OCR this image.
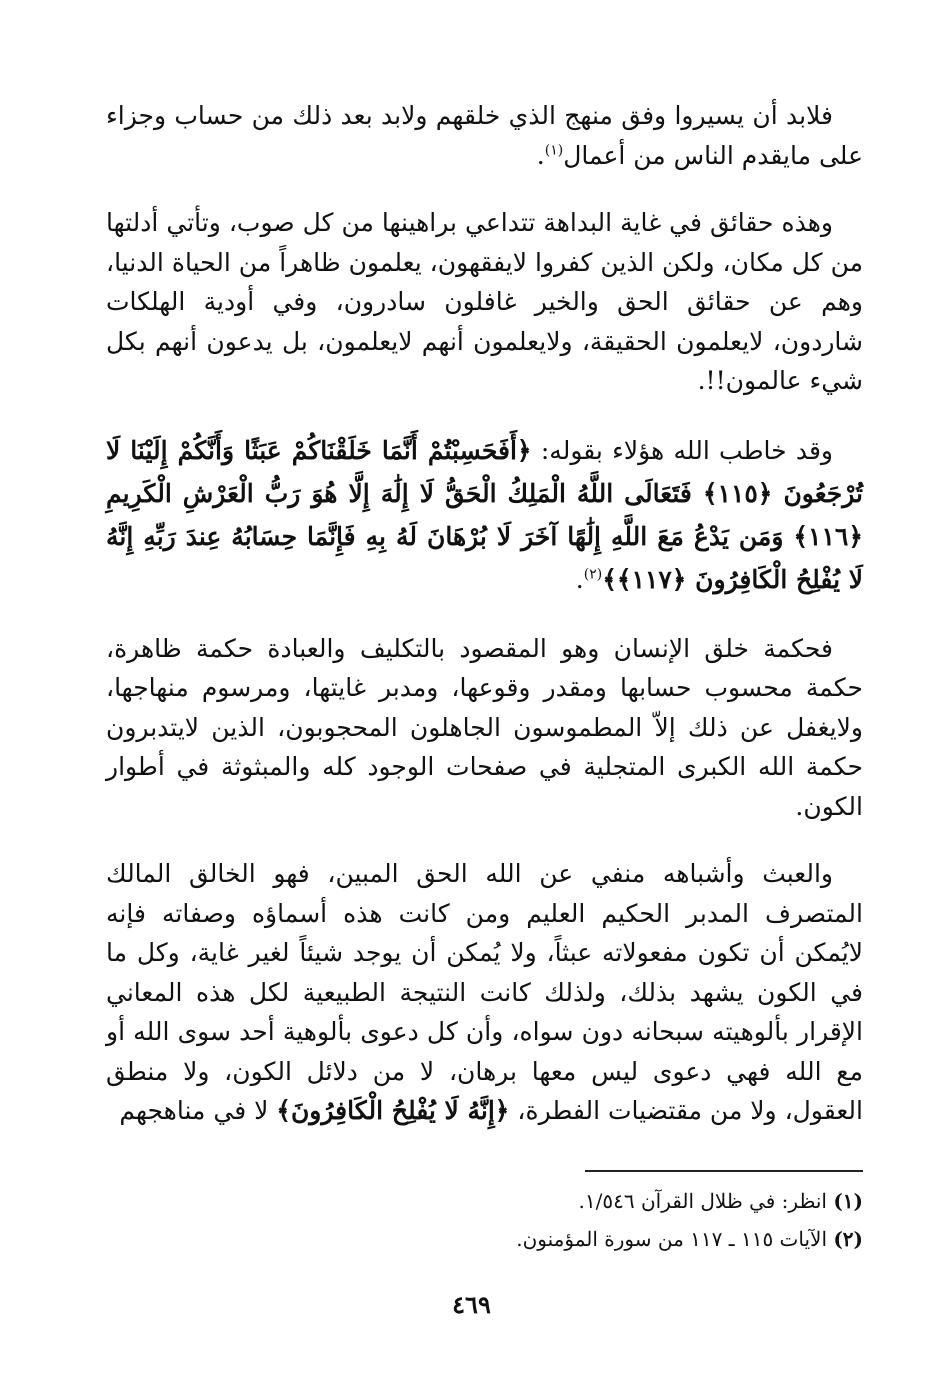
فلابد أن يسيروا وفق منهج الذي خلقهم ولابد بعد ذلك من حساب وجزاء على مايقدم الناس من أعمال$^{(١)}$.

وهذه حقائق في غاية البداهة تتداعي براهينها من كل صوب، وتأتي أدلتها من كل مكان، ولكن الذين كفروا لايفقهون، يعلمون ظاهراً من الحياة الدنيا، وهم عن حقائق الحق والخير غافلون سادرون، وفي أودية الهلكات شاردون، لايعلمون الحقيقة، ولايعلمون أنهم لايعلمون، بل يدعون أنهم بكل شيء عالمون!!.

وقد خاطب الله هؤلاء بقوله: ﴿أَفَحَسِبْتُمْ أَنَّمَا خَلَقْنَاكُمْ عَبَثًا وَأَنَّكُمْ إِلَيْنَا لَا تُرْجَعُونَ ﴿١١٥﴾ فَتَعَالَى اللَّهُ الْمَلِكُ الْحَقُّ لَا إِلَٰهَ إِلَّا هُوَ رَبُّ الْعَرْشِ الْكَرِيمِ ﴿١١٦﴾ وَمَن يَدْعُ مَعَ اللَّهِ إِلَٰهًا آخَرَ لَا بُرْهَانَ لَهُ بِهِ فَإِنَّمَا حِسَابُهُ عِندَ رَبِّهِ إِنَّهُ لَا يُفْلِحُ الْكَافِرُونَ ﴿١١٧﴾﴾$^{(٢)}$.

فحكمة خلق الإنسان وهو المقصود بالتكليف والعبادة حكمة ظاهرة، حكمة محسوب حسابها ومقدر وقوعها، ومدبر غايتها، ومرسوم منهاجها، ولايغفل عن ذلك إلاّ المطموسون الجاهلون المحجوبون، الذين لايتدبرون حكمة الله الكبرى المتجلية في صفحات الوجود كله والمبثوثة في أطوار الكون.

والعبث وأشباهه منفي عن الله الحق المبين، فهو الخالق المالك المتصرف المدبر الحكيم العليم ومن كانت هذه أسماؤه وصفاته فإنه لايُمكن أن تكون مفعولاته عبثاً، ولا يُمكن أن يوجد شيئاً لغير غاية، وكل ما في الكون يشهد بذلك، ولذلك كانت النتيجة الطبيعية لكل هذه المعاني الإقرار بألوهيته سبحانه دون سواه، وأن كل دعوى بألوهية أحد سوى الله أو مع الله فهي دعوى ليس معها برهان، لا من دلائل الكون، ولا منطق العقول، ولا من مقتضيات الفطرة، ﴿إِنَّهُ لَا يُفْلِحُ الْكَافِرُونَ﴾ لا في مناهجهم

(١)انظر: في ظلال القرآن ١/٥٤٦.
(٢)الآيات ١١٥ ـ ١١٧ من سورة المؤمنون.
٤٦٩
